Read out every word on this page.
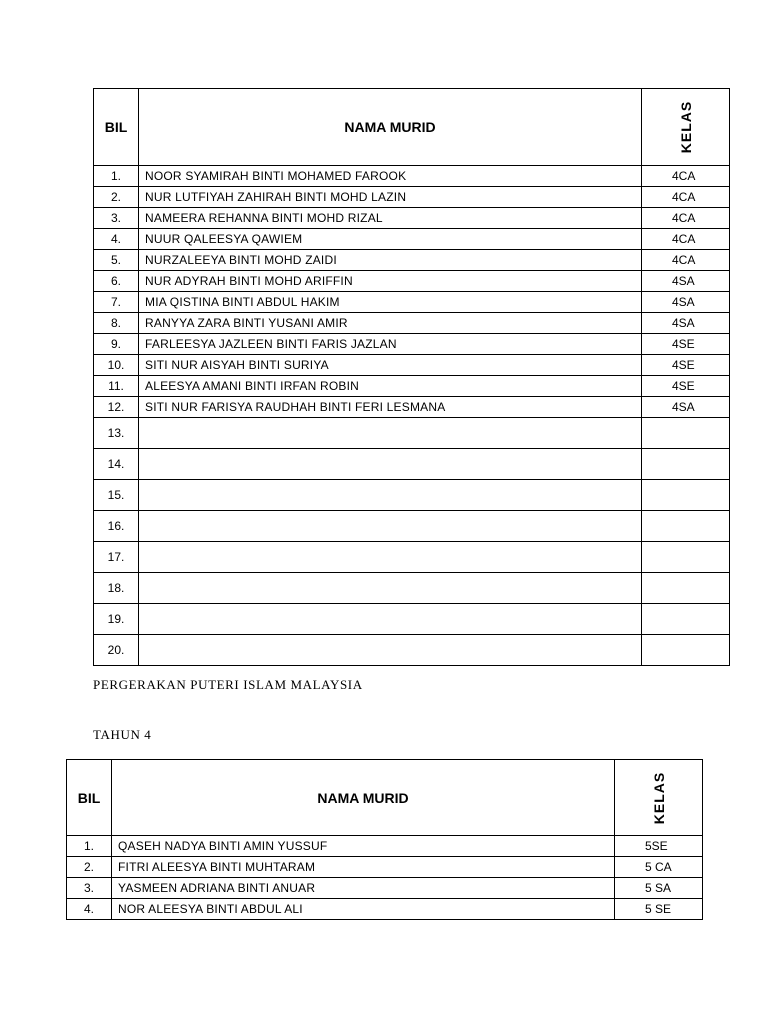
BIL	NAMA MURID	KELAS

1.	NOOR SYAMIRAH BINTI MOHAMED FAROOK	4CA
2.	NUR LUTFIYAH ZAHIRAH BINTI MOHD LAZIN	4CA
3.	NAMEERA REHANNA BINTI MOHD RIZAL	4CA
4.	NUUR QALEESYA QAWIEM	4CA
5.	NURZALEEYA BINTI MOHD ZAIDI	4CA
6.	NUR ADYRAH BINTI MOHD ARIFFIN	4SA
7.	MIA QISTINA BINTI ABDUL HAKIM	4SA
8.	RANYYA ZARA BINTI YUSANI AMIR	4SA
9.	FARLEESYA JAZLEEN BINTI FARIS JAZLAN	4SE
10.	SITI NUR AISYAH BINTI SURIYA	4SE
11.	ALEESYA AMANI BINTI IRFAN ROBIN	4SE
12.	SITI NUR FARISYA RAUDHAH BINTI FERI LESMANA	4SA
13.		
14.		
15.		
16.		
17.		
18.		
19.		
20.		
PERGERAKAN PUTERI ISLAM MALAYSIA
TAHUN 4
BIL	NAMA MURID	KELAS

1.	QASEH NADYA BINTI AMIN YUSSUF	5SE
2.	FITRI ALEESYA BINTI MUHTARAM	5 CA
3.	YASMEEN ADRIANA BINTI ANUAR	5 SA
4.	NOR ALEESYA BINTI ABDUL ALI	5 SE
